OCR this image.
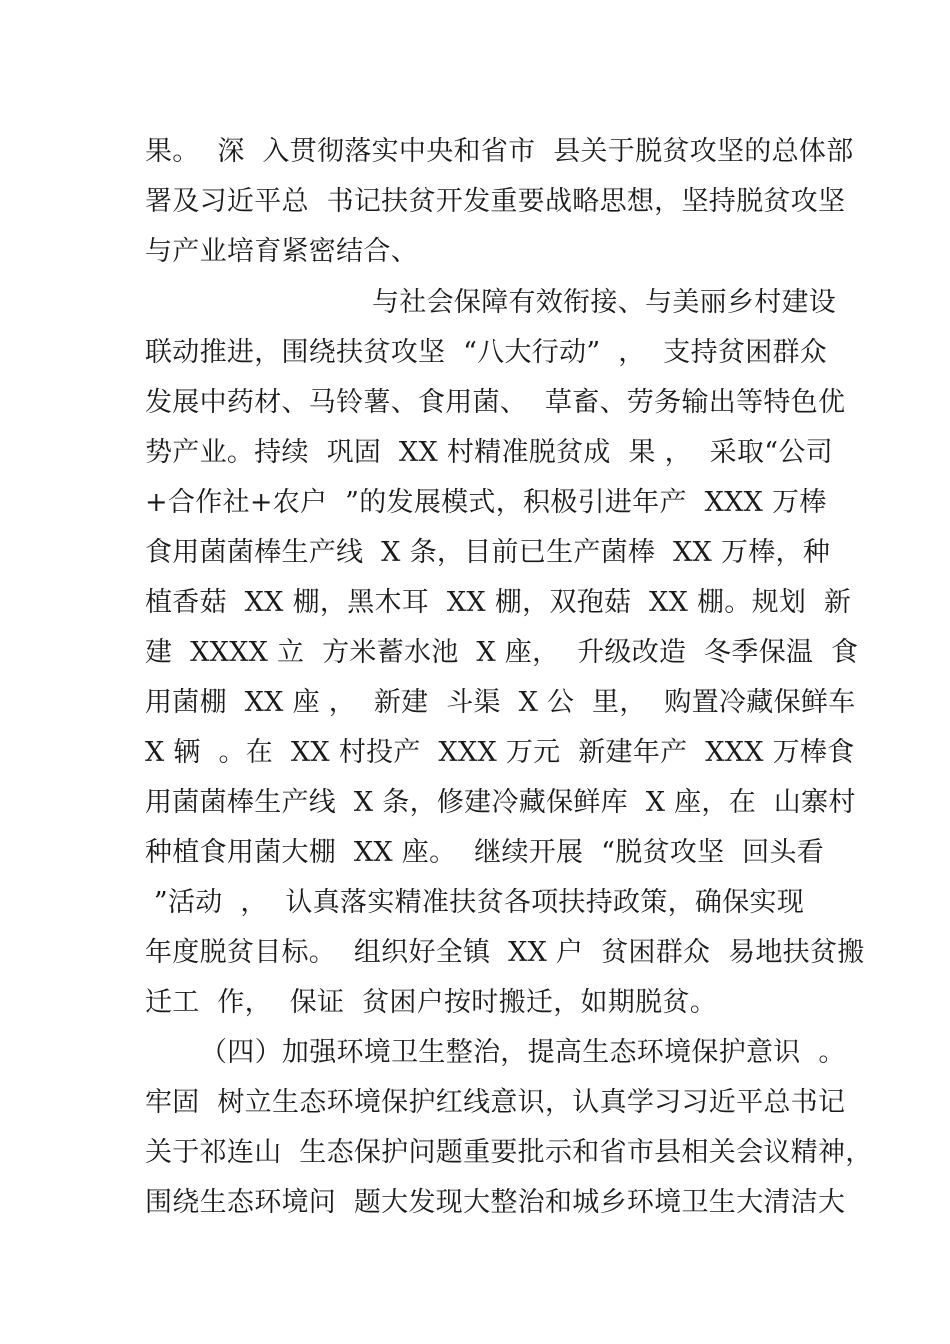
果。  深  入贯彻落实中央和省市  县关于脱贫攻坚的总体部
署及习近平总  书记扶贫开发重要战略思想，坚持脱贫攻坚
与产业培育紧密结合、
与社会保障有效衔接、与美丽乡村建设
联动推进，围绕扶贫攻坚  “八大行动”  ，  支持贫困群众
发展中药材、马铃薯、食用菌、  草畜、劳务输出等特色优
势产业。持续  巩固  XX 村精准脱贫成  果 ，  采取“公司
+合作社+农户  ”的发展模式，积极引进年产  XXX 万棒
食用菌菌棒生产线  X 条，目前已生产菌棒  XX 万棒，种
植香菇  XX 棚，黑木耳  XX 棚，双孢菇  XX 棚。规划  新
建  XXXX 立  方米蓄水池  X 座，  升级改造  冬季保温  食
用菌棚  XX 座 ，  新建  斗渠  X 公  里，  购置冷藏保鲜车
X 辆  。在  XX 村投产  XXX 万元  新建年产  XXX 万棒食
用菌菌棒生产线  X 条，修建冷藏保鲜库  X 座，在  山寨村
种植食用菌大棚  XX 座。  继续开展  “脱贫攻坚  回头看
”活动  ，  认真落实精准扶贫各项扶持政策，确保实现
年度脱贫目标。  组织好全镇  XX 户  贫困群众  易地扶贫搬
迁工  作，  保证  贫困户按时搬迁，如期脱贫。
（四）加强环境卫生整治，提高生态环境保护意识  。
牢固  树立生态环境保护红线意识，认真学习习近平总书记
关于祁连山  生态保护问题重要批示和省市县相关会议精神，
围绕生态环境问  题大发现大整治和城乡环境卫生大清洁大
